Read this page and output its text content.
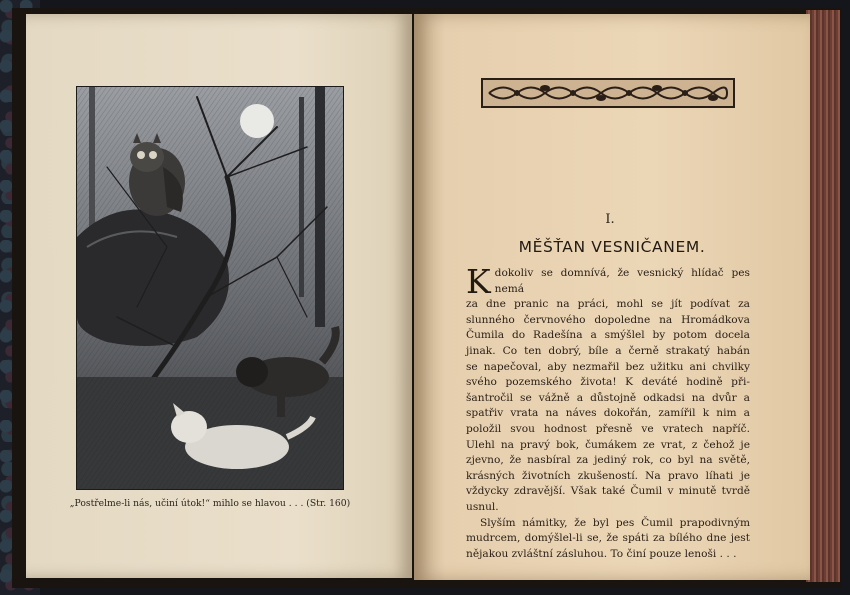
„Postřelme-li nás, učiní útok!“ mihlo se hlavou . . . (Str. 160)
I.
MĚŠŤAN VESNIČANEM.
K dokoliv se domnívá, že vesnický hlídač pes nemá

za dne pranic na práci, mohl se jít podívat za

slunného červnového dopoledne na Hromádkova

Čumila do Radešína a smýšlel by potom docela

jinak. Co ten dobrý, bíle a černě strakatý habán

se napečoval, aby nezmařil bez užitku ani chvilky

svého pozemského života! K deváté hodině při-

šantročil se vážně a důstojně odkadsi na dvůr a

spatřiv vrata na náves dokořán, zamířil k nim a

položil svou hodnost přesně ve vratech napříč.

Ulehl na pravý bok, čumákem ze vrat, z čehož je

zjevno, že nasbíral za jediný rok, co byl na světě,

krásných životních zkušeností. Na pravo líhati je

vždycky zdravější. Však také Čumil v minutě tvrdě

usnul.

Slyším námitky, že byl pes Čumil prapodivným

mudrcem, domýšlel-li se, že spáti za bílého dne jest

nějakou zvláštní zásluhou. To činí pouze lenoši . . .
